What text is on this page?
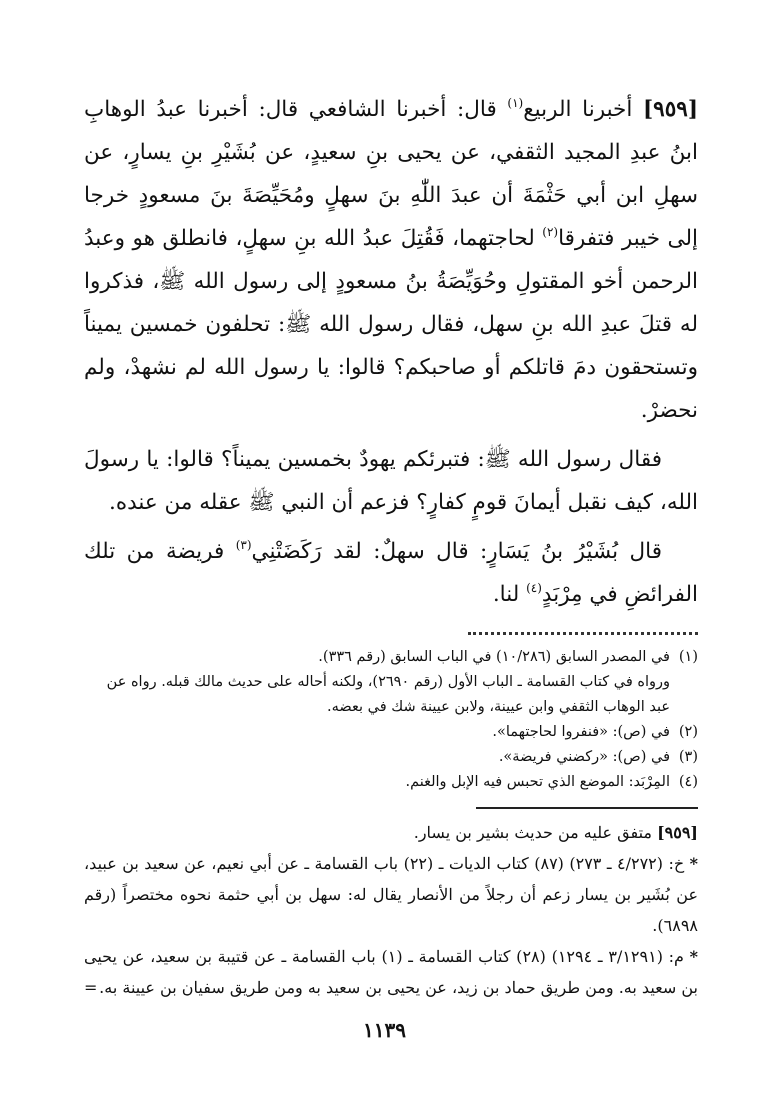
[٩٥٩] أخبرنا الربيع$^{(١)}$ قال: أخبرنا الشافعي قال: أخبرنا عبدُ الوهابِ ابنُ عبدِ المجيد الثقفي، عن يحيى بنِ سعيدٍ، عن بُشَيْرِ بنِ يسارٍ، عن سهلِ ابن أبي حَثْمَةَ أن عبدَ اللّٰهِ بنَ سهلٍ ومُحَيِّصَةَ بنَ مسعودٍ خرجا إلى خيبر فتفرقا$^{(٢)}$ لحاجتهما، فَقُتِلَ عبدُ الله بنِ سهلٍ، فانطلق هو وعبدُ الرحمن أخو المقتولِ وحُوَيِّصَةُ بنُ مسعودٍ إلى رسول الله ﷺ، فذكروا له قتلَ عبدِ الله بنِ سهل، فقال رسول الله ﷺ: تحلفون خمسين يميناً وتستحقون دمَ قاتلكم أو صاحبكم؟ قالوا: يا رسول الله لم نشهدْ، ولم نحضرْ.

فقال رسول الله ﷺ: فتبرئكم يهودٌ بخمسين يميناً؟ قالوا: يا رسولَ الله، كيف نقبل أيمانَ قومٍ كفارٍ؟ فزعم أن النبي ﷺ عقله من عنده.

قال بُشَيْرُ بنُ يَسَارٍ: قال سهلٌ: لقد رَكَضَتْنِي$^{(٣)}$ فريضة من تلك الفرائضِ في مِرْبَدٍ$^{(٤)}$ لنا.

(١)
في المصدر السابق (١٠/٢٨٦) في الباب السابق (رقم ٣٣٦).
ورواه في كتاب القسامة ـ الباب الأول (رقم ٢٦٩٠)، ولكنه أحاله على حديث مالك قبله. رواه عن عبد الوهاب الثقفي وابن عيينة، ولابن عيينة شك في بعضه.
(٢)
في (ص): «فنفروا لحاجتهما».
(٣)
في (ص): «ركضني فريضة».
(٤)
المِرْبَد: الموضع الذي تحبس فيه الإبل والغنم.

[٩٥٩] متفق عليه من حديث بشير بن يسار.

* خ: (٤/٢٧٢ ـ ٢٧٣) (٨٧) كتاب الديات ـ (٢٢) باب القسامة ـ عن أبي نعيم، عن سعيد بن عبيد، عن بُشَير بن يسار زعم أن رجلاً من الأنصار يقال له: سهل بن أبي حثمة نحوه مختصراً (رقم ٦٨٩٨).

* م: (٣/١٢٩١ ـ ١٢٩٤) (٢٨) كتاب القسامة ـ (١) باب القسامة ـ عن قتيبة بن سعيد، عن يحيى بن سعيد به. ومن طريق حماد بن زيد، عن يحيى بن سعيد به ومن طريق سفيان بن عيينة به.
=

١١٣٩
